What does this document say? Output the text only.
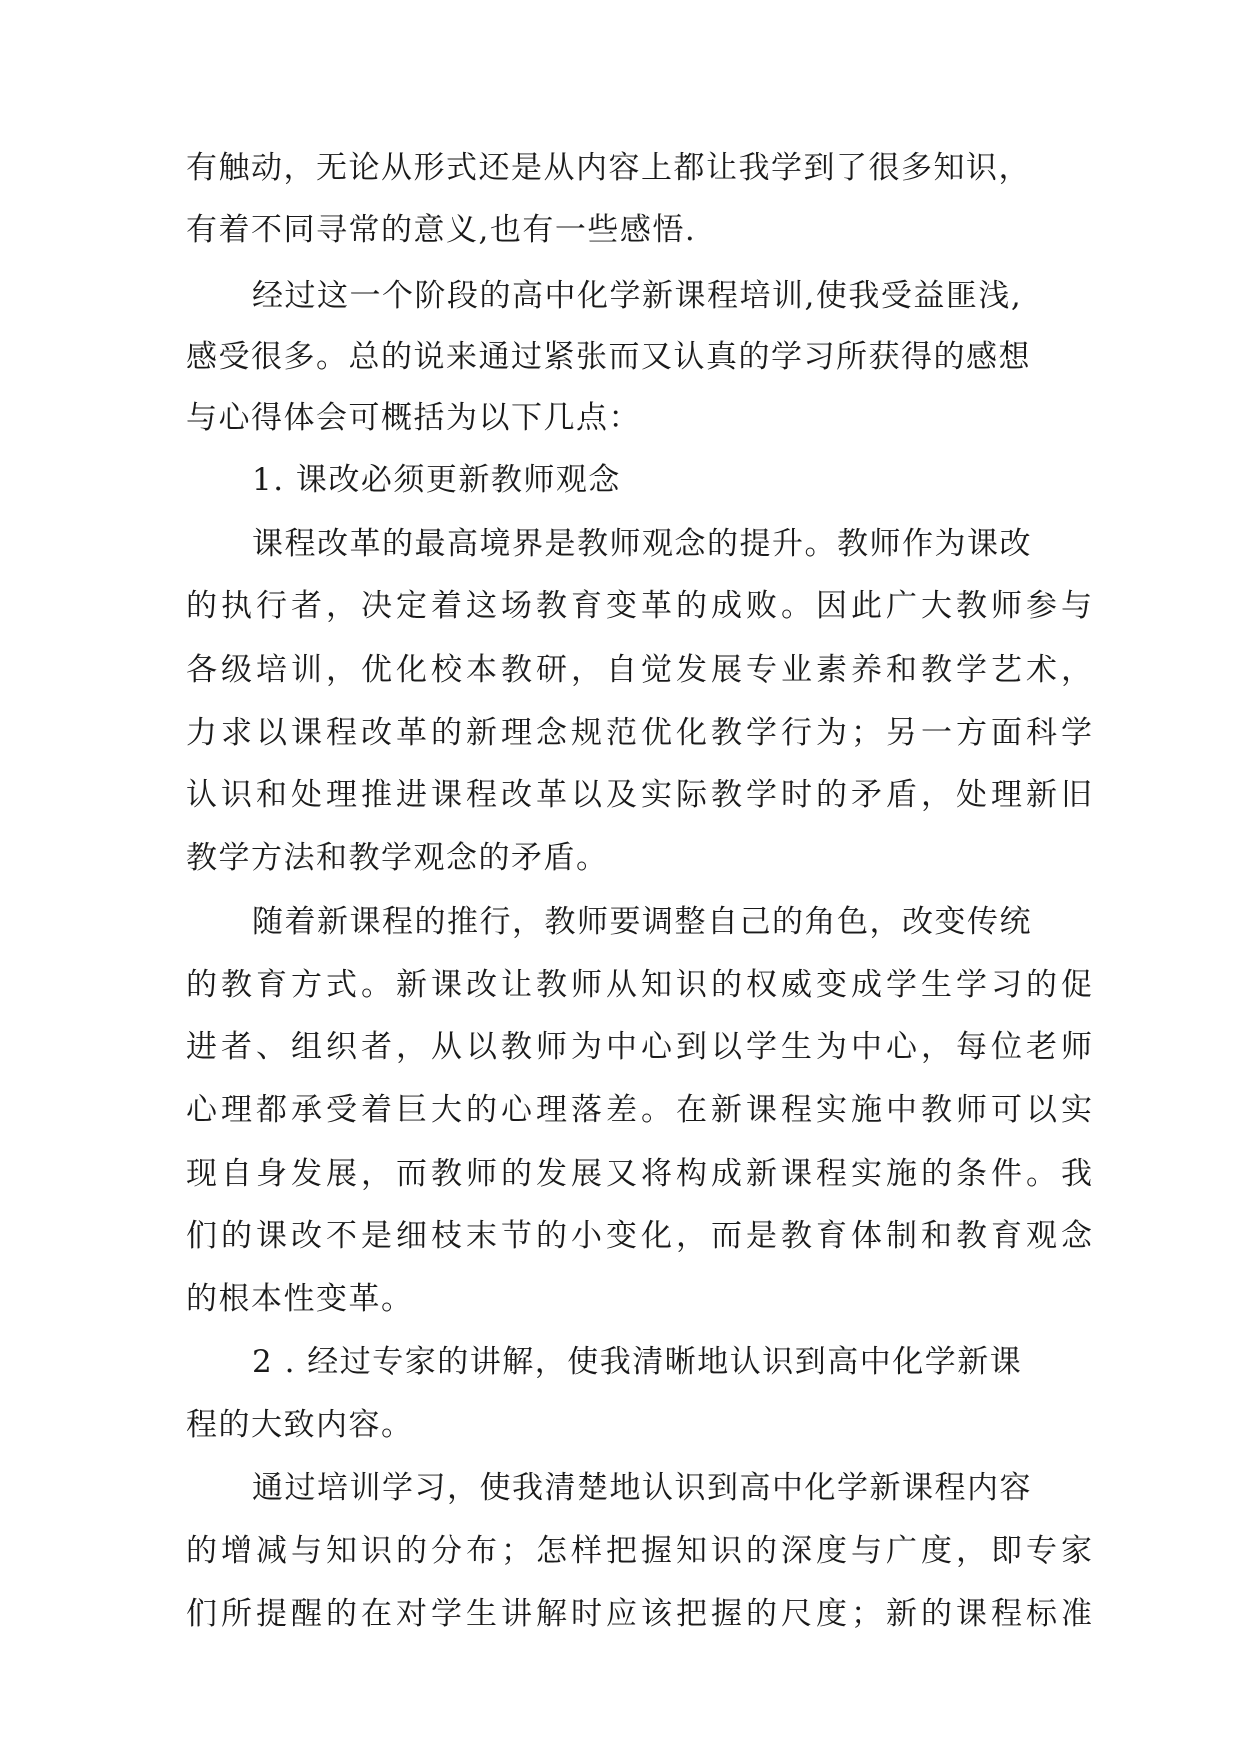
有触动，无论从形式还是从内容上都让我学到了很多知识，
有着不同寻常的意义,也有一些感悟.
经过这一个阶段的高中化学新课程培训,使我受益匪浅,
感受很多。总的说来通过紧张而又认真的学习所获得的感想
与心得体会可概括为以下几点：
1. 课改必须更新教师观念
课程改革的最高境界是教师观念的提升。教师作为课改
的执行者，决定着这场教育变革的成败。因此广大教师参与
各级培训，优化校本教研，自觉发展专业素养和教学艺术，
力求以课程改革的新理念规范优化教学行为；另一方面科学
认识和处理推进课程改革以及实际教学时的矛盾，处理新旧
教学方法和教学观念的矛盾。
随着新课程的推行，教师要调整自己的角色，改变传统
的教育方式。新课改让教师从知识的权威变成学生学习的促
进者、组织者，从以教师为中心到以学生为中心，每位老师
心理都承受着巨大的心理落差。在新课程实施中教师可以实
现自身发展，而教师的发展又将构成新课程实施的条件。我
们的课改不是细枝末节的小变化，而是教育体制和教育观念
的根本性变革。
2 . 经过专家的讲解，使我清晰地认识到高中化学新课
程的大致内容。
通过培训学习，使我清楚地认识到高中化学新课程内容
的增减与知识的分布；怎样把握知识的深度与广度，即专家
们所提醒的在对学生讲解时应该把握的尺度；新的课程标准
